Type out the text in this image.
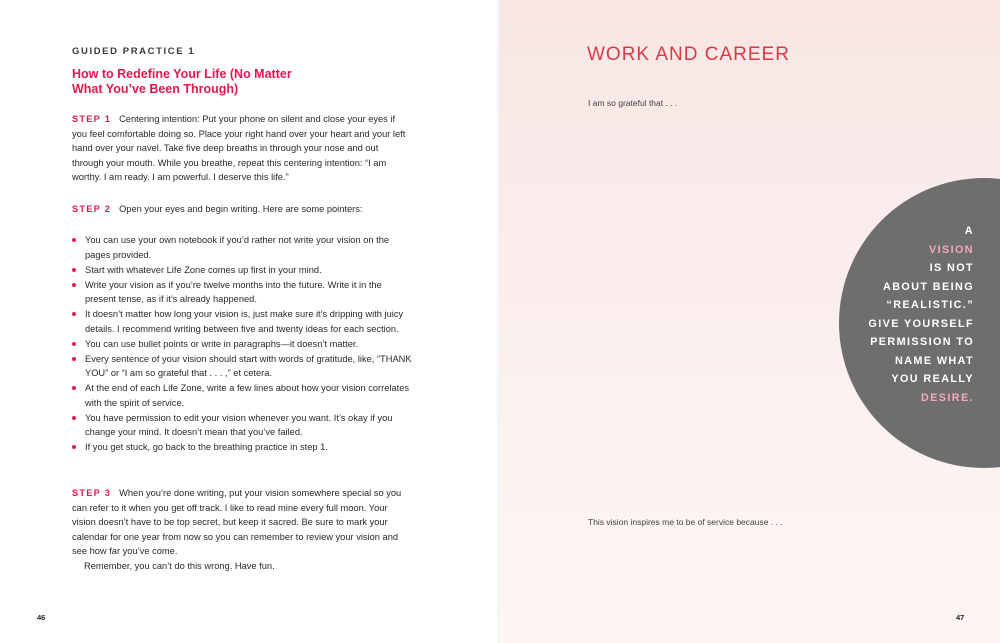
GUIDED PRACTICE 1
How to Redefine Your Life (No Matter
What You’ve Been Through)
STEP 1 Centering intention: Put your phone on silent and close your eyes if you feel comfortable doing so. Place your right hand over your heart and your left hand over your navel. Take five deep breaths in through your nose and out through your mouth. While you breathe, repeat this centering intention: “I am worthy. I am ready. I am powerful. I deserve this life.”
STEP 2 Open your eyes and begin writing. Here are some pointers:
You can use your own notebook if you’d rather not write your vision on the pages provided.
Start with whatever Life Zone comes up first in your mind.
Write your vision as if you’re twelve months into the future. Write it in the present tense, as if it’s already happened.
It doesn’t matter how long your vision is, just make sure it’s dripping with juicy details. I recommend writing between five and twenty ideas for each section.
You can use bullet points or write in paragraphs—it doesn’t matter.
Every sentence of your vision should start with words of gratitude, like, “THANK YOU” or “I am so grateful that . . . ,” et cetera.
At the end of each Life Zone, write a few lines about how your vision correlates with the spirit of service.
You have permission to edit your vision whenever you want. It’s okay if you change your mind. It doesn’t mean that you’ve failed.
If you get stuck, go back to the breathing practice in step 1.
STEP 3 When you’re done writing, put your vision somewhere special so you can refer to it when you get off track. I like to read mine every full moon. Your vision doesn’t have to be top secret, but keep it sacred. Be sure to mark your calendar for one year from now so you can remember to review your vision and see how far you’ve come.
Remember, you can’t do this wrong. Have fun.
46
WORK AND CAREER
I am so grateful that . . .
A
VISION
IS NOT
ABOUT BEING
“REALISTIC.”
GIVE YOURSELF
PERMISSION TO
NAME WHAT
YOU REALLY
DESIRE.
This vision inspires me to be of service because . . .
47
